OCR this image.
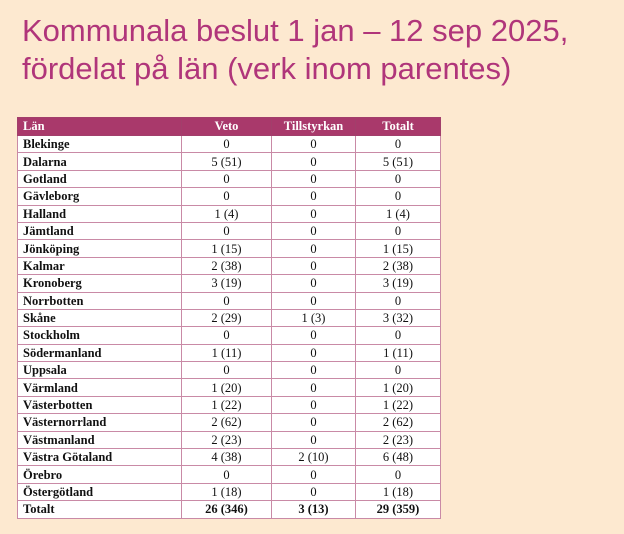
Kommunala beslut 1 jan – 12 sep 2025,
fördelat på län (verk inom parentes)
Län	Veto	Tillstyrkan	Totalt
Blekinge	0	0	0
Dalarna	5 (51)	0	5 (51)
Gotland	0	0	0
Gävleborg	0	0	0
Halland	1 (4)	0	1 (4)
Jämtland	0	0	0
Jönköping	1 (15)	0	1 (15)
Kalmar	2 (38)	0	2 (38)
Kronoberg	3 (19)	0	3 (19)
Norrbotten	0	0	0
Skåne	2 (29)	1 (3)	3 (32)
Stockholm	0	0	0
Södermanland	1 (11)	0	1 (11)
Uppsala	0	0	0
Värmland	1 (20)	0	1 (20)
Västerbotten	1 (22)	0	1 (22)
Västernorrland	2 (62)	0	2 (62)
Västmanland	2 (23)	0	2 (23)
Västra Götaland	4 (38)	2 (10)	6 (48)
Örebro	0	0	0
Östergötland	1 (18)	0	1 (18)
Totalt	26 (346)	3 (13)	29 (359)
